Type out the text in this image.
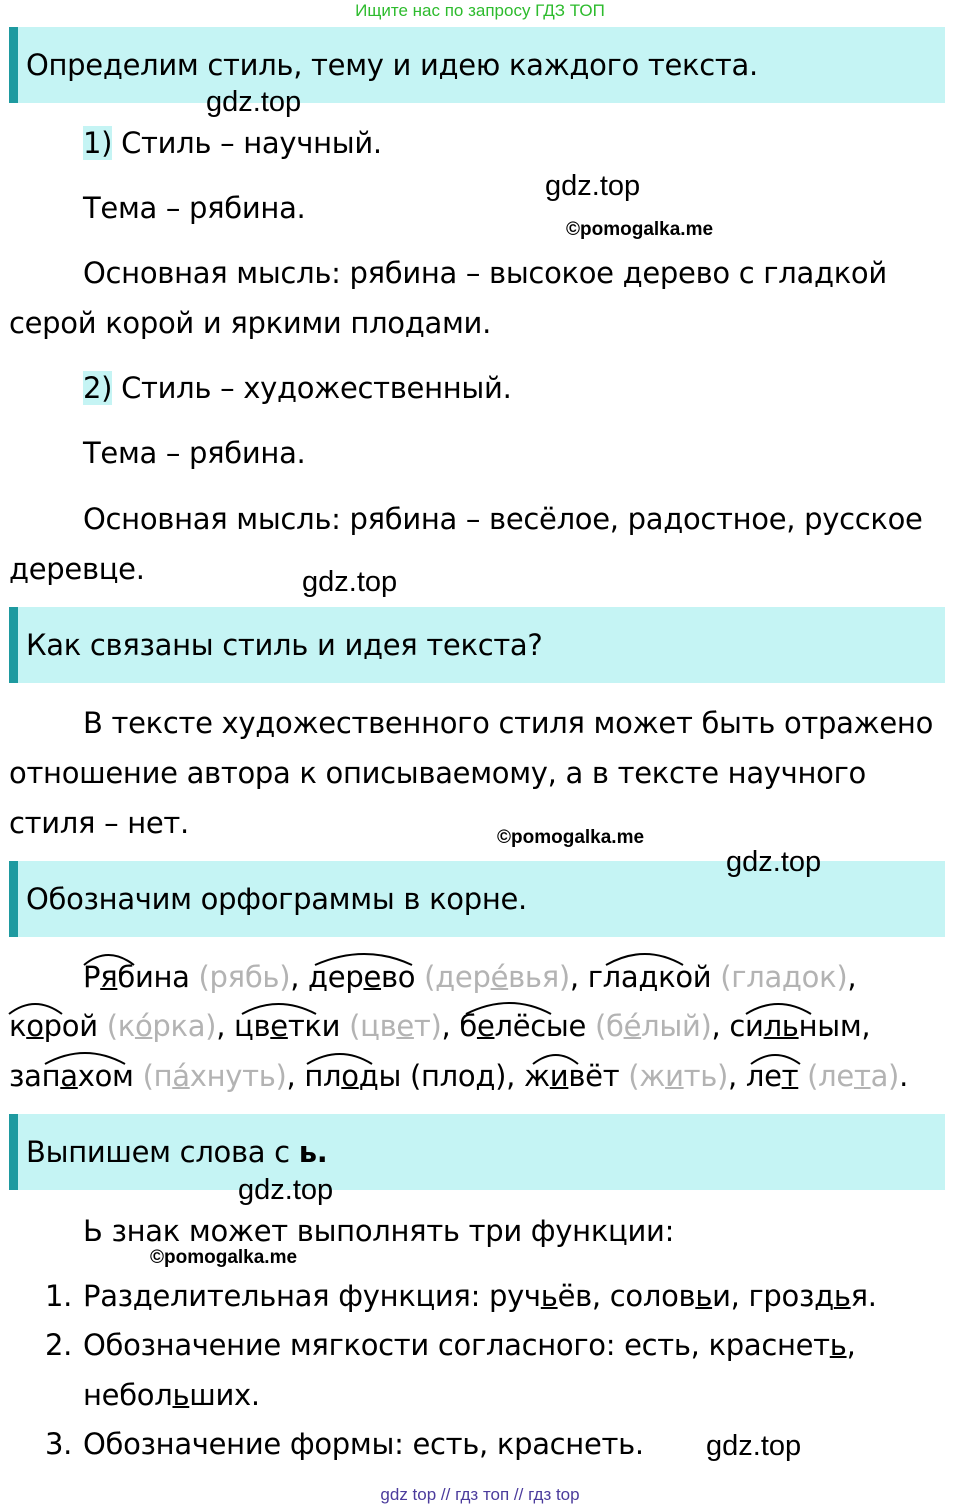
Ищите нас по запросу ГДЗ ТОП
Определим стиль, тему и идею каждого текста.
gdz.top
1) Стиль – научный.
Тема – рябина.
gdz.top
©pomogalka.me
Основная мысль: рябина – высокое дерево с гладкой серой корой и яркими плодами.
2) Стиль – художественный.
Тема – рябина.
Основная мысль: рябина – весёлое, радостное, русское деревце.	gdz.top
Как связаны стиль и идея текста?
В тексте художественного стиля может быть отражено отношение автора к описываемому, а в тексте научного стиля – нет.	©pomogalka.me
Обозначим орфограммы в корне.
gdz.top
Рябина (рябь), дерево (дере́вья), гладкой (гладок),
корой (ко́рка), цветки (цвет), белёсые (бе́лый), сильным,
запахом (па́хнуть), плоды (плод), живёт (жить), лет (лета).
Выпишем слова с ь.
gdz.top
Ь знак может выполнять три функции:
©pomogalka.me
1. Разделительная функция: ручьёв, соловьи, гроздья.
2. Обозначение мягкости согласного: есть, краснеть,
небольших.
3. Обозначение формы: есть, краснеть.	gdz.top
gdz top // гдз топ // гдз top
